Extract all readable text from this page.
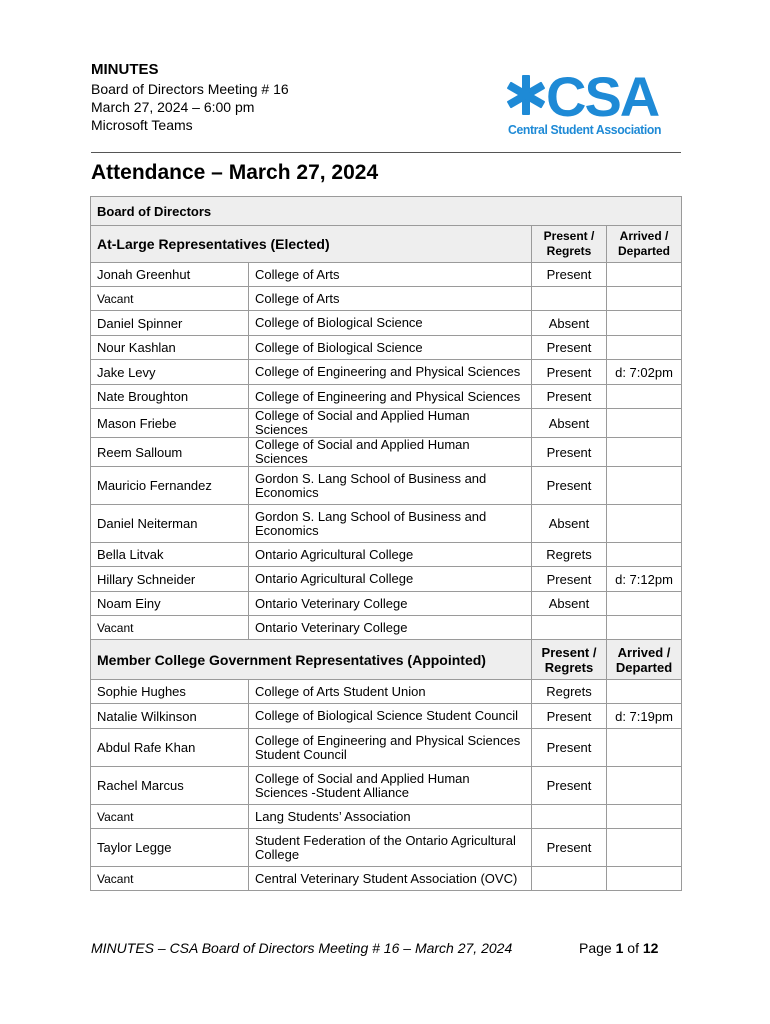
MINUTES
Board of Directors Meeting # 16
March 27, 2024 – 6:00 pm
Microsoft Teams	CSA
Central Student Association
Attendance – March 27, 2024
Board of Directors			
At-Large Representatives (Elected)		Present / Regrets	Arrived / Departed
Jonah Greenhut	College of Arts	Present	
Vacant	College of Arts		
Daniel Spinner	College of Biological Science	Absent	
Nour Kashlan	College of Biological Science	Present	
Jake Levy	College of Engineering and Physical Sciences	Present	d: 7:02pm
Nate Broughton	College of Engineering and Physical Sciences	Present	
Mason Friebe	College of Social and Applied Human Sciences	Absent	
Reem Salloum	College of Social and Applied Human Sciences	Present	
Mauricio Fernandez	Gordon S. Lang School of Business and Economics	Present	
Daniel Neiterman	Gordon S. Lang School of Business and Economics	Absent	
Bella Litvak	Ontario Agricultural College	Regrets	
Hillary Schneider	Ontario Agricultural College	Present	d: 7:12pm
Noam Einy	Ontario Veterinary College	Absent	
Vacant	Ontario Veterinary College		
Member College Government Representatives (Appointed)		Present / Regrets	Arrived / Departed
Sophie Hughes	College of Arts Student Union	Regrets	
Natalie Wilkinson	College of Biological Science Student Council	Present	d: 7:19pm
Abdul Rafe Khan	College of Engineering and Physical Sciences Student Council	Present	
Rachel Marcus	College of Social and Applied Human Sciences -Student Alliance	Present	
Vacant	Lang Students’ Association		
Taylor Legge	Student Federation of the Ontario Agricultural College	Present	
Vacant	Central Veterinary Student Association (OVC)		
MINUTES – CSA Board of Directors Meeting # 16 – March 27, 2024	Page 1 of 12
